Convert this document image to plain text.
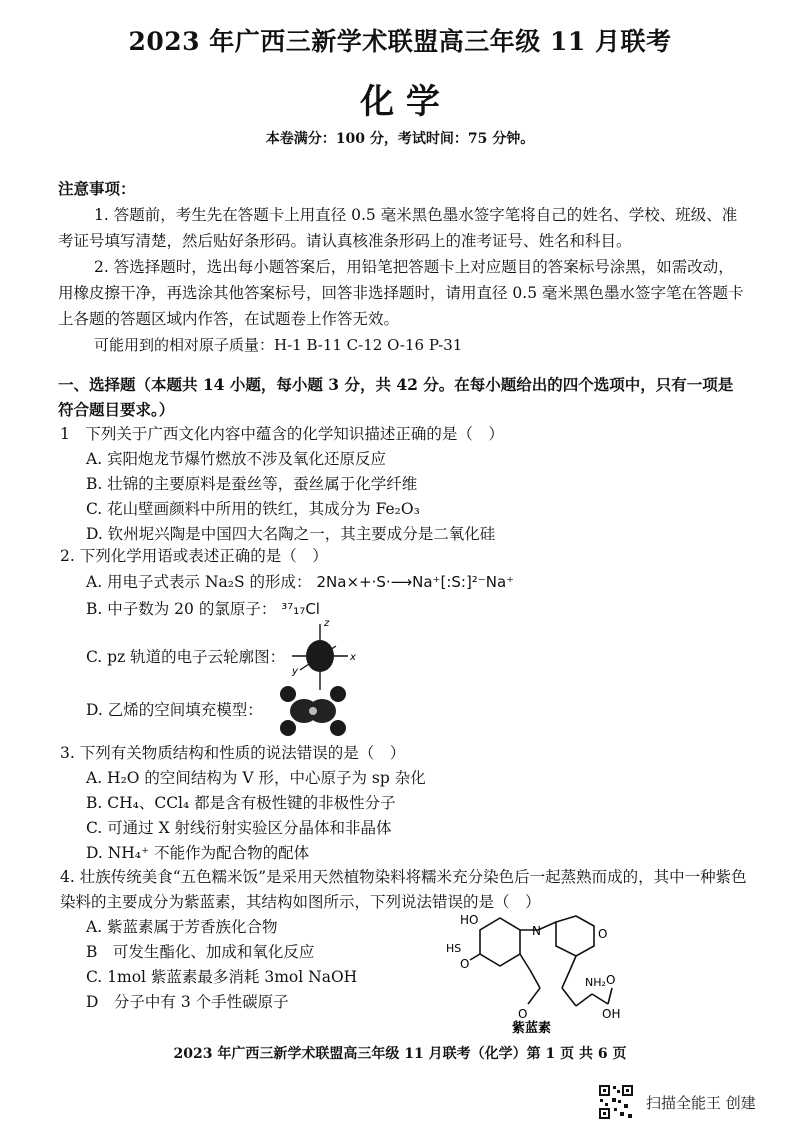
2023 年广西三新学术联盟高三年级 11 月联考
化 学
本卷满分：100 分，考试时间：75 分钟。
注意事项：

1. 答题前，考生先在答题卡上用直径 0.5 毫米黑色墨水签字笔将自己的姓名、学校、班级、准考证号填写清楚，然后贴好条形码。请认真核准条形码上的准考证号、姓名和科目。

2. 答选择题时，选出每小题答案后，用铅笔把答题卡上对应题目的答案标号涂黑，如需改动，用橡皮擦干净，再选涂其他答案标号，回答非选择题时，请用直径 0.5 毫米黑色墨水签字笔在答题卡上各题的答题区域内作答，在试题卷上作答无效。

可能用到的相对原子质量：H-1 B-11 C-12 O-16 P-31

一、选择题（本题共 14 小题，每小题 3 分，共 42 分。在每小题给出的四个选项中，只有一项是符合题目要求。）
1　下列关于广西文化内容中蕴含的化学知识描述正确的是（　）
A. 宾阳炮龙节爆竹燃放不涉及氧化还原反应
B. 壮锦的主要原料是蚕丝等，蚕丝属于化学纤维
C. 花山壁画颜料中所用的铁红，其成分为 Fe₂O₃
D. 钦州坭兴陶是中国四大名陶之一，其主要成分是二氧化硅
2. 下列化学用语或表述正确的是（　）
A. 用电子式表示 Na₂S 的形成： 2Na×+·S·⟶Na⁺[:S:]²⁻Na⁺
B. 中子数为 20 的氯原子： ³⁷₁₇Cl
C. pz 轨道的电子云轮廓图：
z
x
y
D. 乙烯的空间填充模型：
3. 下列有关物质结构和性质的说法错误的是（　）
A. H₂O 的空间结构为 V 形，中心原子为 sp 杂化
B. CH₄、CCl₄ 都是含有极性键的非极性分子
C. 可通过 X 射线衍射实验区分晶体和非晶体
D. NH₄⁺ 不能作为配合物的配体
4. 壮族传统美食“五色糯米饭”是采用天然植物染料将糯米充分染色后一起蒸熟而成的，其中一种紫色染料的主要成分为紫蓝素，其结构如图所示，下列说法错误的是（　）
A. 紫蓝素属于芳香族化合物
B　可发生酯化、加成和氧化反应
C. 1mol 紫蓝素最多消耗 3mol NaOH
D　分子中有 3 个手性碳原子
HO
HS
N	O
O
NH₂ O
OH
O
紫蓝素
2023 年广西三新学术联盟高三年级 11 月联考（化学）第 1 页 共 6 页
扫描全能王 创建
